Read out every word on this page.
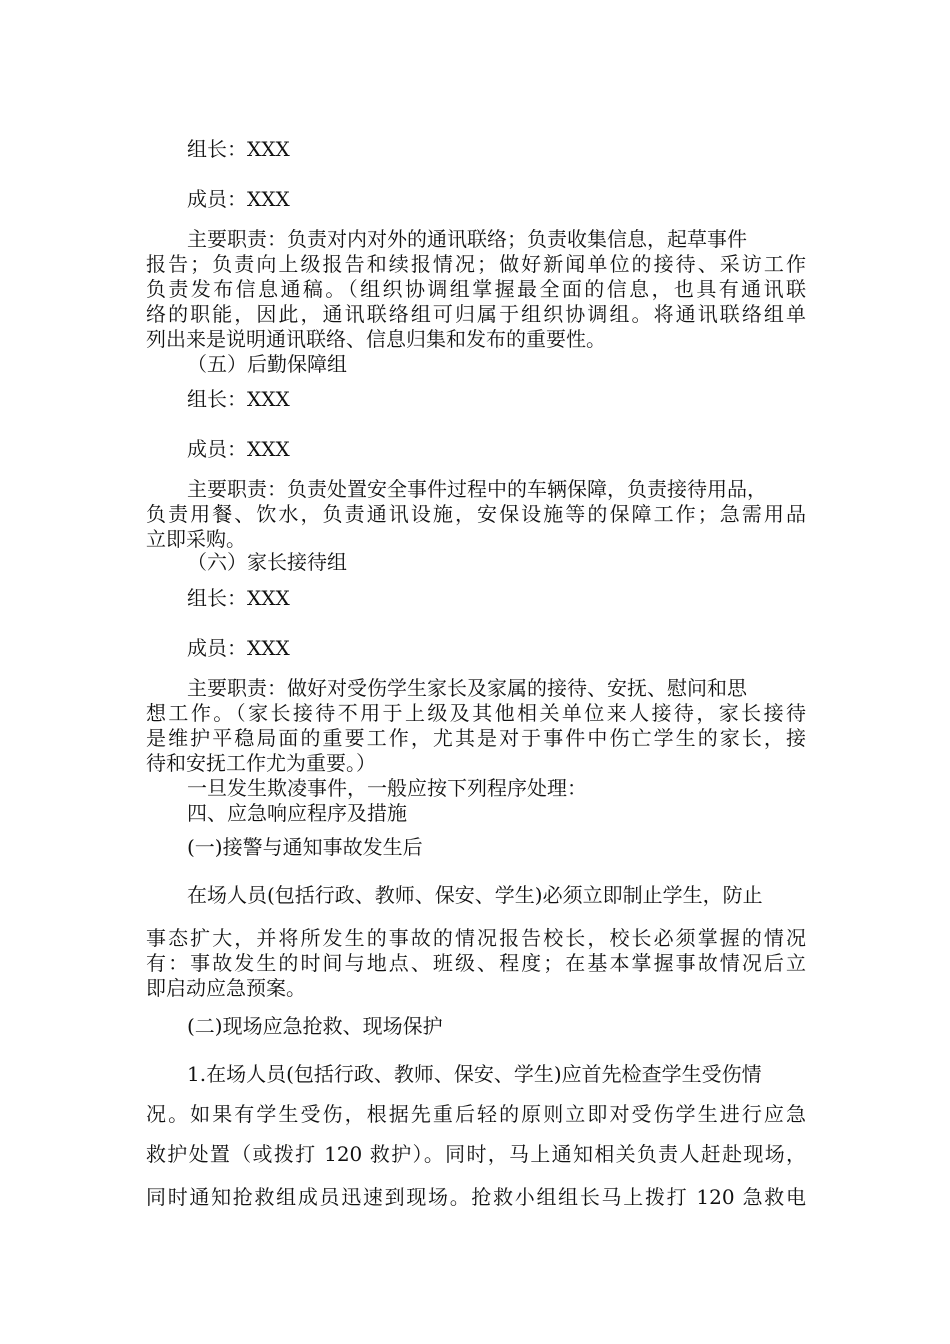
组长：XXX
成员：XXX
主要职责：负责对内对外的通讯联络；负责收集信息，起草事件
报告；负责向上级报告和续报情况；做好新闻单位的接待、采访工作
负责发布信息通稿。（组织协调组掌握最全面的信息，也具有通讯联
络的职能，因此，通讯联络组可归属于组织协调组。将通讯联络组单
列出来是说明通讯联络、信息归集和发布的重要性。
（五）后勤保障组
组长：XXX
成员：XXX
主要职责：负责处置安全事件过程中的车辆保障，负责接待用品，
负责用餐、饮水，负责通讯设施，安保设施等的保障工作；急需用品
立即采购。
（六）家长接待组
组长：XXX
成员：XXX
主要职责：做好对受伤学生家长及家属的接待、安抚、慰问和思
想工作。（家长接待不用于上级及其他相关单位来人接待，家长接待
是维护平稳局面的重要工作，尤其是对于事件中伤亡学生的家长，接
待和安抚工作尤为重要。）
一旦发生欺凌事件，一般应按下列程序处理：
四、应急响应程序及措施
(一)接警与通知事故发生后
在场人员(包括行政、教师、保安、学生)必须立即制止学生，防止
事态扩大，并将所发生的事故的情况报告校长，校长必须掌握的情况
有：事故发生的时间与地点、班级、程度；在基本掌握事故情况后立
即启动应急预案。
(二)现场应急抢救、现场保护
1.在场人员(包括行政、教师、保安、学生)应首先检查学生受伤情
况。如果有学生受伤，根据先重后轻的原则立即对受伤学生进行应急
救护处置（或拨打 120 救护）。同时，马上通知相关负责人赶赴现场，
同时通知抢救组成员迅速到现场。抢救小组组长马上拨打 120 急救电
